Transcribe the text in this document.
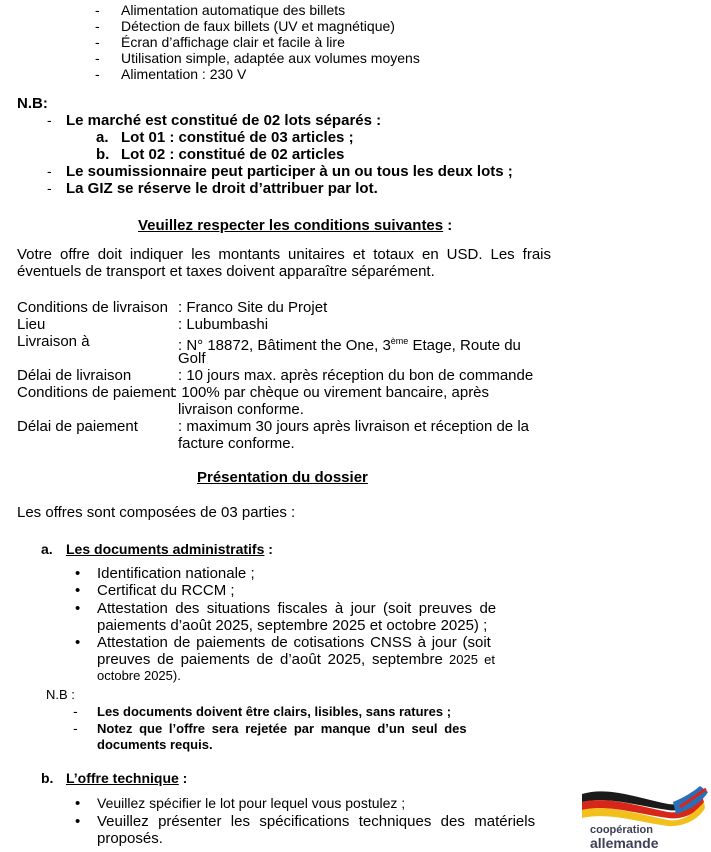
- Alimentation automatique des billets
- Détection de faux billets (UV et magnétique)
- Écran d’affichage clair et facile à lire
- Utilisation simple, adaptée aux volumes moyens
- Alimentation : 230 V
N.B:
- Le marché est constitué de 02 lots séparés :
a. Lot 01 : constitué de 03 articles ;
b. Lot 02 : constitué de 02 articles
- Le soumissionnaire peut participer à un ou tous les deux lots ;
- La GIZ se réserve le droit d’attribuer par lot.
Veuillez respecter les conditions suivantes :
Votre offre doit indiquer les montants unitaires et totaux en USD. Les frais éventuels de transport et taxes doivent apparaître séparément.
Conditions de livraison : Franco Site du Projet
Lieu	: Lubumbashi
Livraison à	: N° 18872, Bâtiment the One, 3ème Etage, Route du
Golf
Délai de livraison	: 10 jours max. après réception du bon de commande
Conditions de paiement
: 100% par chèque ou virement bancaire, après
livraison conforme.
Délai de paiement	: maximum 30 jours après livraison et réception de la
facture conforme.
Présentation du dossier
Les offres sont composées de 03 parties :
a. Les documents administratifs :
• Identification nationale ;
• Certificat du RCCM ;
• Attestation des situations fiscales à jour (soit preuves de
paiements d’août 2025, septembre 2025 et octobre 2025) ;
• Attestation de paiements de cotisations CNSS à jour (soit
preuves de paiements de d’août 2025, septembre 2025 et
octobre 2025).
N.B :
- Les documents doivent être clairs, lisibles, sans ratures ;
- Notez que l’offre sera rejetée par manque d’un seul des
documents requis.
b. L’offre technique :
• Veuillez spécifier le lot pour lequel vous postulez ;
• Veuillez présenter les spécifications techniques des matériels
proposés.	coopération
allemande
